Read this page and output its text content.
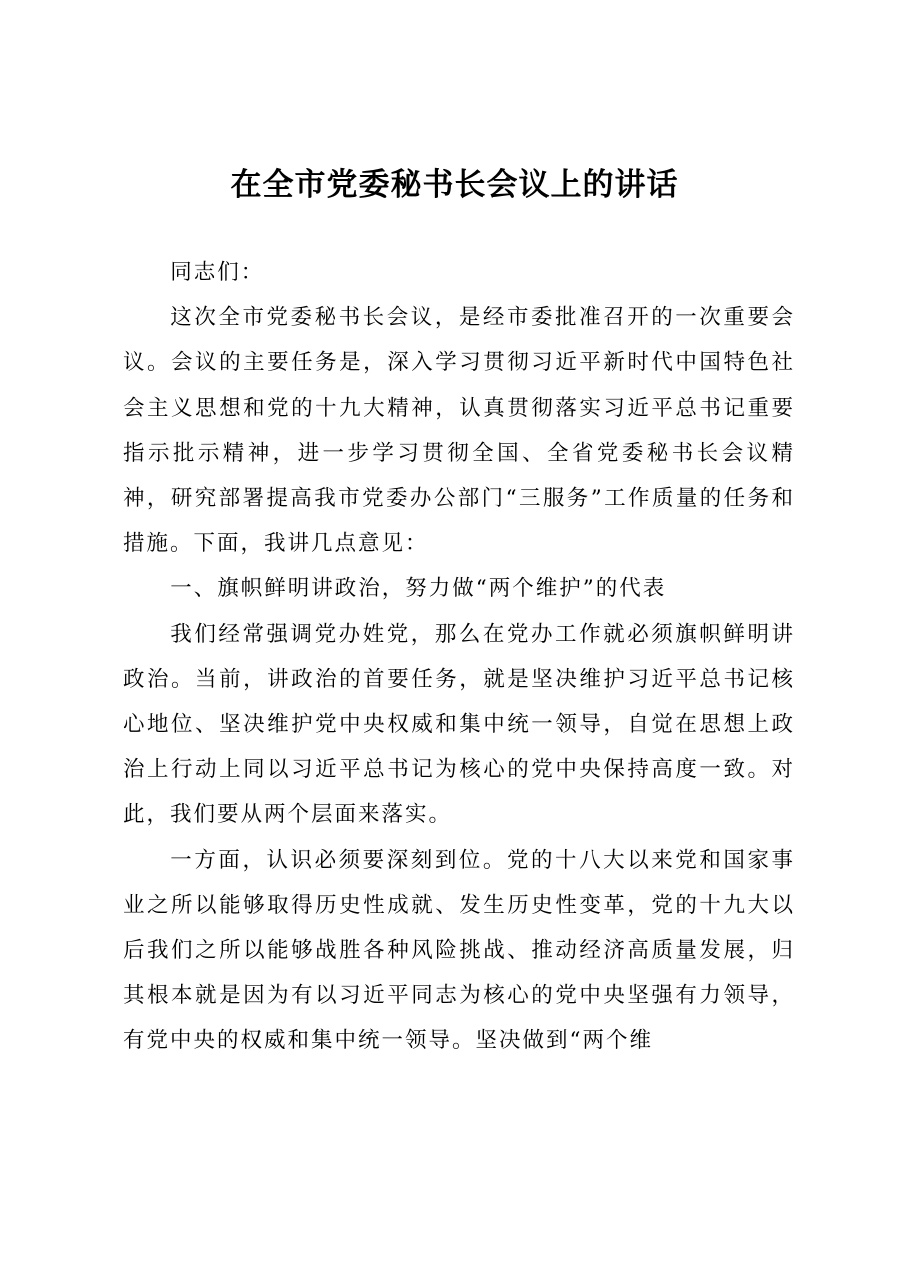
在全市党委秘书长会议上的讲话

同志们：

这次全市党委秘书长会议，是经市委批准召开的一次重要会议。会议的主要任务是，深入学习贯彻习近平新时代中国特色社会主义思想和党的十九大精神，认真贯彻落实习近平总书记重要指示批示精神，进一步学习贯彻全国、全省党委秘书长会议精神，研究部署提高我市党委办公部门“三服务”工作质量的任务和措施。下面，我讲几点意见：

一、旗帜鲜明讲政治，努力做“两个维护”的代表

我们经常强调党办姓党，那么在党办工作就必须旗帜鲜明讲政治。当前，讲政治的首要任务，就是坚决维护习近平总书记核心地位、坚决维护党中央权威和集中统一领导，自觉在思想上政治上行动上同以习近平总书记为核心的党中央保持高度一致。对此，我们要从两个层面来落实。

一方面，认识必须要深刻到位。党的十八大以来党和国家事业之所以能够取得历史性成就、发生历史性变革，党的十九大以后我们之所以能够战胜各种风险挑战、推动经济高质量发展，归其根本就是因为有以习近平同志为核心的党中央坚强有力领导，有党中央的权威和集中统一领导。坚决做到“两个维
